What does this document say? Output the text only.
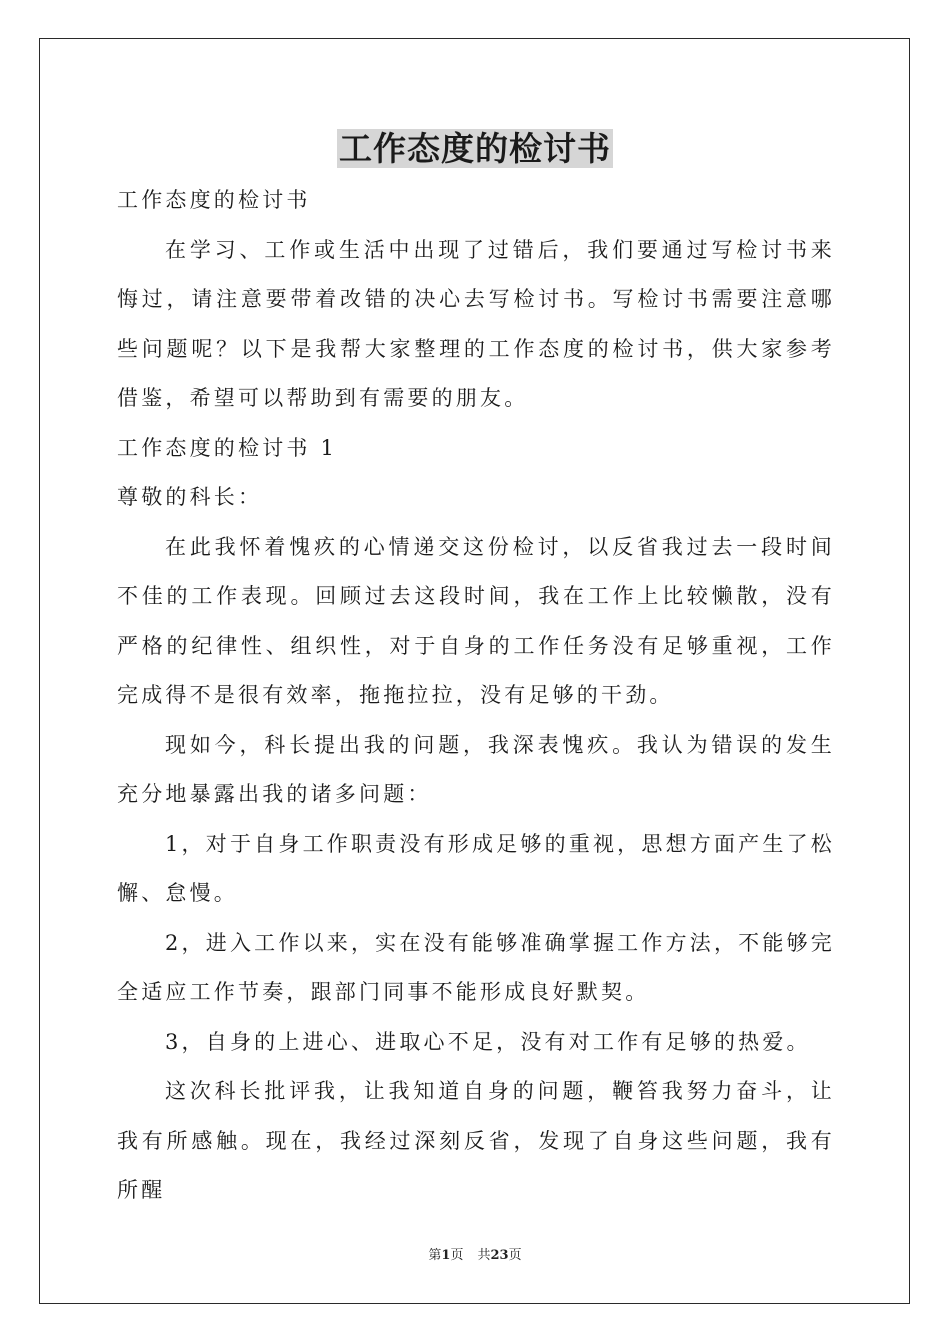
工作态度的检讨书

工作态度的检讨书

在学习、工作或生活中出现了过错后，我们要通过写检讨书来悔过，请注意要带着改错的决心去写检讨书。写检讨书需要注意哪些问题呢？以下是我帮大家整理的工作态度的检讨书，供大家参考借鉴，希望可以帮助到有需要的朋友。

工作态度的检讨书 1

尊敬的科长：

在此我怀着愧疚的心情递交这份检讨，以反省我过去一段时间不佳的工作表现。回顾过去这段时间，我在工作上比较懒散，没有严格的纪律性、组织性，对于自身的工作任务没有足够重视，工作完成得不是很有效率，拖拖拉拉，没有足够的干劲。

现如今，科长提出我的问题，我深表愧疚。我认为错误的发生充分地暴露出我的诸多问题：

1，对于自身工作职责没有形成足够的重视，思想方面产生了松懈、怠慢。

2，进入工作以来，实在没有能够准确掌握工作方法，不能够完全适应工作节奏，跟部门同事不能形成良好默契。

3，自身的上进心、进取心不足，没有对工作有足够的热爱。

这次科长批评我，让我知道自身的问题，鞭笞我努力奋斗，让我有所感触。现在，我经过深刻反省，发现了自身这些问题，我有所醒

第1页 共23页
